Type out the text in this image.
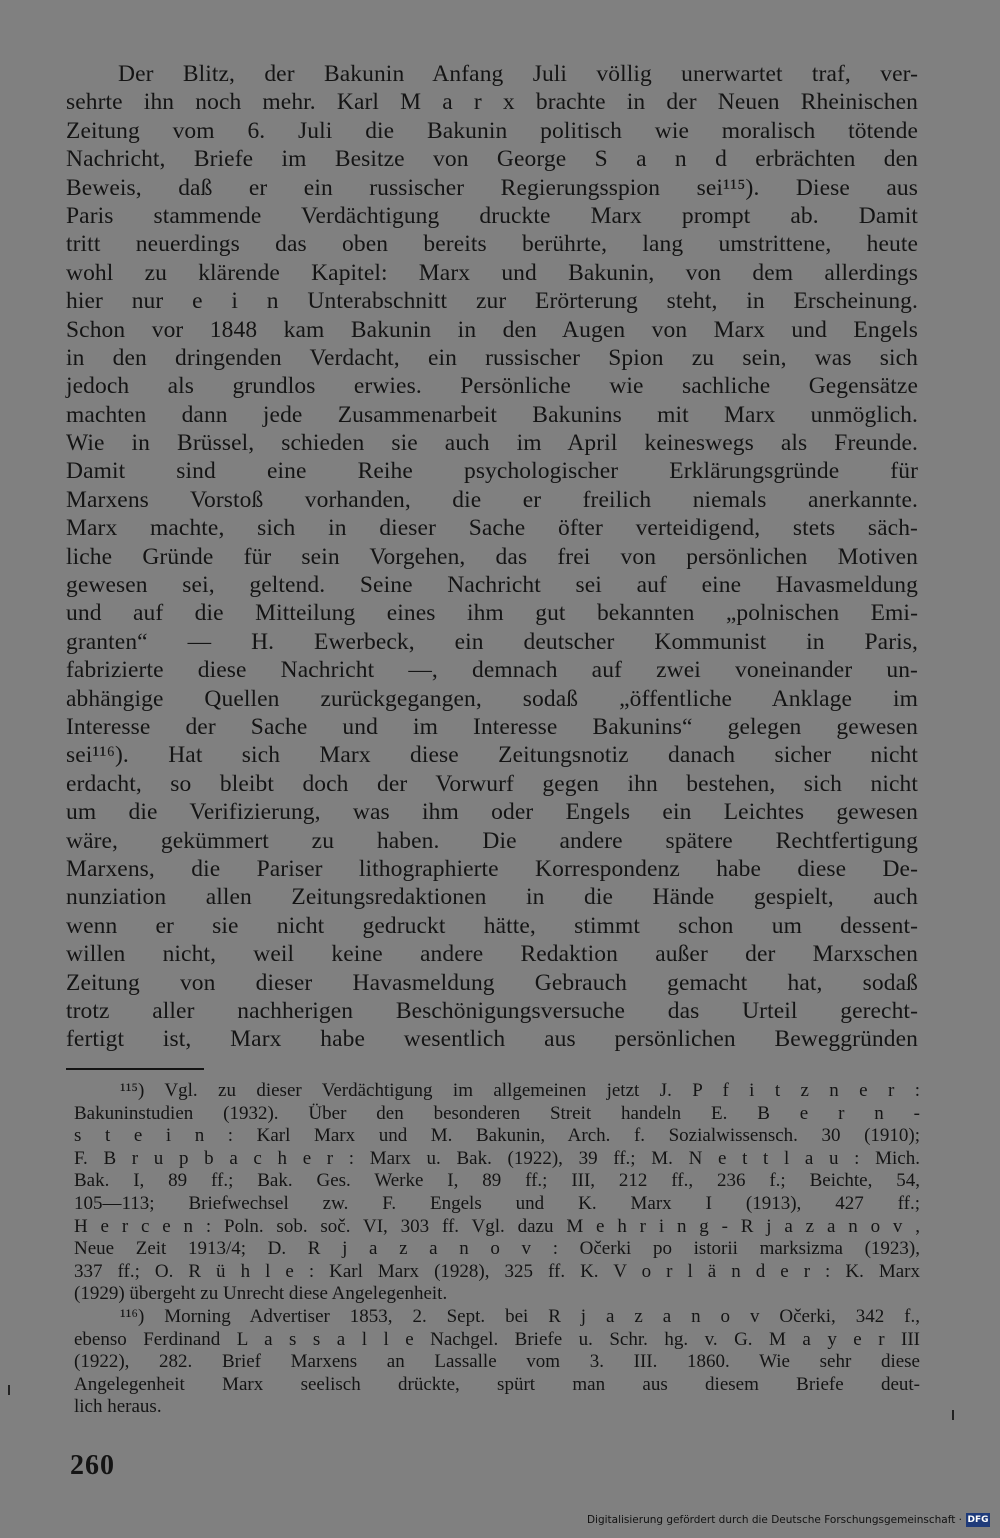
Der Blitz, der Bakunin Anfang Juli völlig unerwartet traf, ver-
sehrte ihn noch mehr. Karl M a r x brachte in der Neuen Rheinischen
Zeitung vom 6. Juli die Bakunin politisch wie moralisch tötende
Nachricht, Briefe im Besitze von George S a n d erbrächten den
Beweis, daß er ein russischer Regierungsspion sei¹¹⁵). Diese aus
Paris stammende Verdächtigung druckte Marx prompt ab. Damit
tritt neuerdings das oben bereits berührte, lang umstrittene, heute
wohl zu klärende Kapitel: Marx und Bakunin, von dem allerdings
hier nur e i n Unterabschnitt zur Erörterung steht, in Erscheinung.
Schon vor 1848 kam Bakunin in den Augen von Marx und Engels
in den dringenden Verdacht, ein russischer Spion zu sein, was sich
jedoch als grundlos erwies. Persönliche wie sachliche Gegensätze
machten dann jede Zusammenarbeit Bakunins mit Marx unmöglich.
Wie in Brüssel, schieden sie auch im April keineswegs als Freunde.
Damit sind eine Reihe psychologischer Erklärungsgründe für
Marxens Vorstoß vorhanden, die er freilich niemals anerkannte.
Marx machte, sich in dieser Sache öfter verteidigend, stets säch-
liche Gründe für sein Vorgehen, das frei von persönlichen Motiven
gewesen sei, geltend. Seine Nachricht sei auf eine Havasmeldung
und auf die Mitteilung eines ihm gut bekannten „polnischen Emi-
granten“ — H. Ewerbeck, ein deutscher Kommunist in Paris,
fabrizierte diese Nachricht —, demnach auf zwei voneinander un-
abhängige Quellen zurückgegangen, sodaß „öffentliche Anklage im
Interesse der Sache und im Interesse Bakunins“ gelegen gewesen
sei¹¹⁶). Hat sich Marx diese Zeitungsnotiz danach sicher nicht
erdacht, so bleibt doch der Vorwurf gegen ihn bestehen, sich nicht
um die Verifizierung, was ihm oder Engels ein Leichtes gewesen
wäre, gekümmert zu haben. Die andere spätere Rechtfertigung
Marxens, die Pariser lithographierte Korrespondenz habe diese De-
nunziation allen Zeitungsredaktionen in die Hände gespielt, auch
wenn er sie nicht gedruckt hätte, stimmt schon um dessent-
willen nicht, weil keine andere Redaktion außer der Marxschen
Zeitung von dieser Havasmeldung Gebrauch gemacht hat, sodaß
trotz aller nachherigen Beschönigungsversuche das Urteil gerecht-
fertigt ist, Marx habe wesentlich aus persönlichen Beweggründen
¹¹⁵) Vgl. zu dieser Verdächtigung im allgemeinen jetzt J. P f i t z n e r :
Bakuninstudien (1932). Über den besonderen Streit handeln E. B e r n -
s t e i n : Karl Marx und M. Bakunin, Arch. f. Sozialwissensch. 30 (1910);
F. B r u p b a c h e r : Marx u. Bak. (1922), 39 ff.; M. N e t t l a u : Mich.
Bak. I, 89 ff.; Bak. Ges. Werke I, 89 ff.; III, 212 ff., 236 f.; Beichte, 54,
105—113; Briefwechsel zw. F. Engels und K. Marx I (1913), 427 ff.;
H e r c e n : Poln. sob. soč. VI, 303 ff. Vgl. dazu M e h r i n g - R j a z a n o v ,
Neue Zeit 1913/4; D. R j a z a n o v : Očerki po istorii marksizma (1923),
337 ff.; O. R ü h l e : Karl Marx (1928), 325 ff. K. V o r l ä n d e r : K. Marx
(1929) übergeht zu Unrecht diese Angelegenheit.
¹¹⁶) Morning Advertiser 1853, 2. Sept. bei R j a z a n o v Očerki, 342 f.,
ebenso Ferdinand L a s s a l l e Nachgel. Briefe u. Schr. hg. v. G. M a y e r III
(1922), 282. Brief Marxens an Lassalle vom 3. III. 1860. Wie sehr diese
Angelegenheit Marx seelisch drückte, spürt man aus diesem Briefe deut-
lich heraus.
260
Digitalisierung gefördert durch die Deutsche Forschungsgemeinschaft · DFG
